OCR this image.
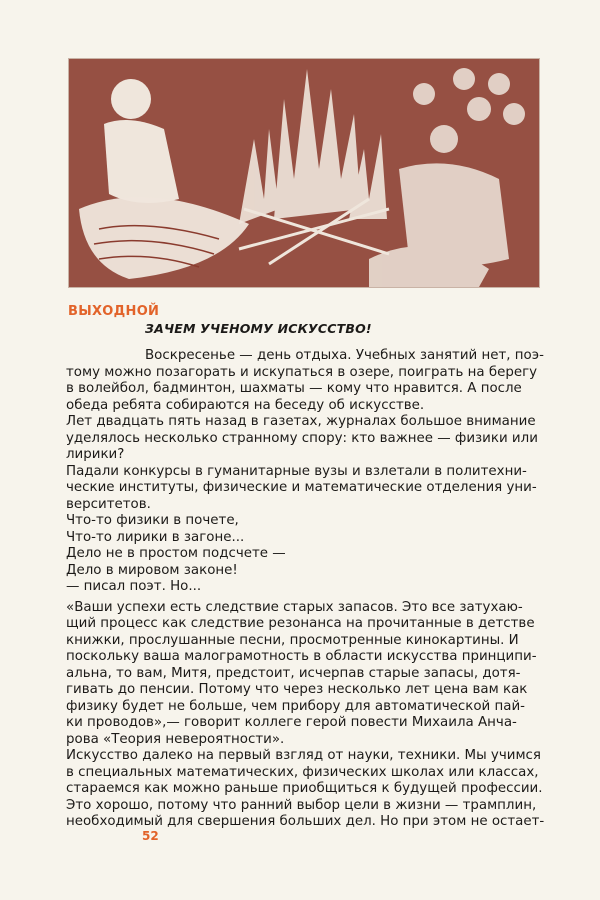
ВЫХОДНОЙ

ЗАЧЕМ УЧЕНОМУ ИСКУССТВО!
Воскресенье — день отдыха. Учебных занятий нет, поэ-
тому можно позагорать и искупаться в озере, поиграть на берегу
в волейбол, бадминтон, шахматы — кому что нравится. А после
обеда ребята собираются на беседу об искусстве.
Лет двадцать пять назад в газетах, журналах большое внимание
уделялось несколько странному спору: кто важнее — физики или
лирики?
Падали конкурсы в гуманитарные вузы и взлетали в политехни-
ческие институты, физические и математические отделения уни-
верситетов.
Что-то физики в почете,
Что-то лирики в загоне...
Дело не в простом подсчете —
Дело в мировом законе!
— писал поэт. Но...
«Ваши успехи есть следствие старых запасов. Это все затухаю-
щий процесс как следствие резонанса на прочитанные в детстве
книжки, прослушанные песни, просмотренные кинокартины. И
поскольку ваша малограмотность в области искусства принципи-
альна, то вам, Митя, предстоит, исчерпав старые запасы, дотя-
гивать до пенсии. Потому что через несколько лет цена вам как
физику будет не больше, чем прибору для автоматической пай-
ки проводов»,— говорит коллеге герой повести Михаила Анча-
рова «Теория невероятности».
Искусство далеко на первый взгляд от науки, техники. Мы учимся
в специальных математических, физических школах или классах,
стараемся как можно раньше приобщиться к будущей профессии.
Это хорошо, потому что ранний выбор цели в жизни — трамплин,
необходимый для свершения больших дел. Но при этом не остает-

52
